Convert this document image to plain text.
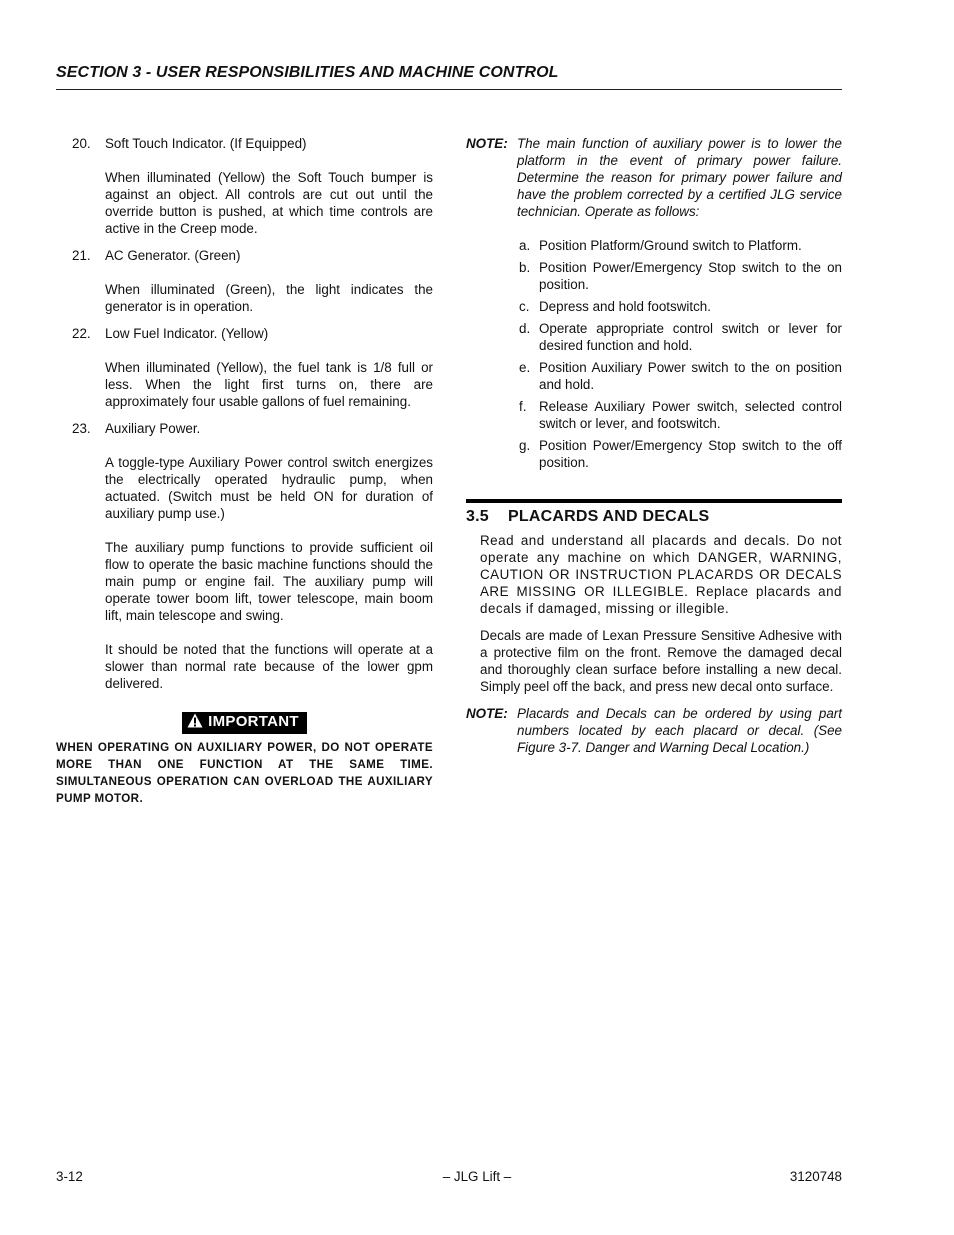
SECTION 3 - USER RESPONSIBILITIES AND MACHINE CONTROL
20. Soft Touch Indicator. (If Equipped)

When illuminated (Yellow) the Soft Touch bumper is against an object. All controls are cut out until the override button is pushed, at which time controls are active in the Creep mode.

21. AC Generator. (Green)

When illuminated (Green), the light indicates the generator is in operation.

22. Low Fuel Indicator. (Yellow)

When illuminated (Yellow), the fuel tank is 1/8 full or less. When the light first turns on, there are approximately four usable gallons of fuel remaining.

23. Auxiliary Power.

A toggle-type Auxiliary Power control switch energizes the electrically operated hydraulic pump, when actuated. (Switch must be held ON for duration of auxiliary pump use.)

The auxiliary pump functions to provide sufficient oil flow to operate the basic machine functions should the main pump or engine fail. The auxiliary pump will operate tower boom lift, tower telescope, main boom lift, main telescope and swing.

It should be noted that the functions will operate at a slower than normal rate because of the lower gpm delivered.

IMPORTANT
WHEN OPERATING ON AUXILIARY POWER, DO NOT OPERATE MORE THAN ONE FUNCTION AT THE SAME TIME. SIMULTANEOUS OPERATION CAN OVERLOAD THE AUXILIARY PUMP MOTOR.
NOTE: The main function of auxiliary power is to lower the platform in the event of primary power failure. Determine the reason for primary power failure and have the problem corrected by a certified JLG service technician. Operate as follows:
a. Position Platform/Ground switch to Platform.
b. Position Power/Emergency Stop switch to the on position.
c. Depress and hold footswitch.
d. Operate appropriate control switch or lever for desired function and hold.
e. Position Auxiliary Power switch to the on position and hold.
f. Release Auxiliary Power switch, selected control switch or lever, and footswitch.
g. Position Power/Emergency Stop switch to the off position.
3.5 PLACARDS AND DECALS

Read and understand all placards and decals. Do not operate any machine on which DANGER, WARNING, CAUTION OR INSTRUCTION PLACARDS OR DECALS ARE MISSING OR ILLEGIBLE. Replace placards and decals if damaged, missing or illegible.

Decals are made of Lexan Pressure Sensitive Adhesive with a protective film on the front. Remove the damaged decal and thoroughly clean surface before installing a new decal. Simply peel off the back, and press new decal onto surface.

NOTE: Placards and Decals can be ordered by using part numbers located by each placard or decal. (See Figure 3-7. Danger and Warning Decal Location.)
3-12	– JLG Lift –	3120748
